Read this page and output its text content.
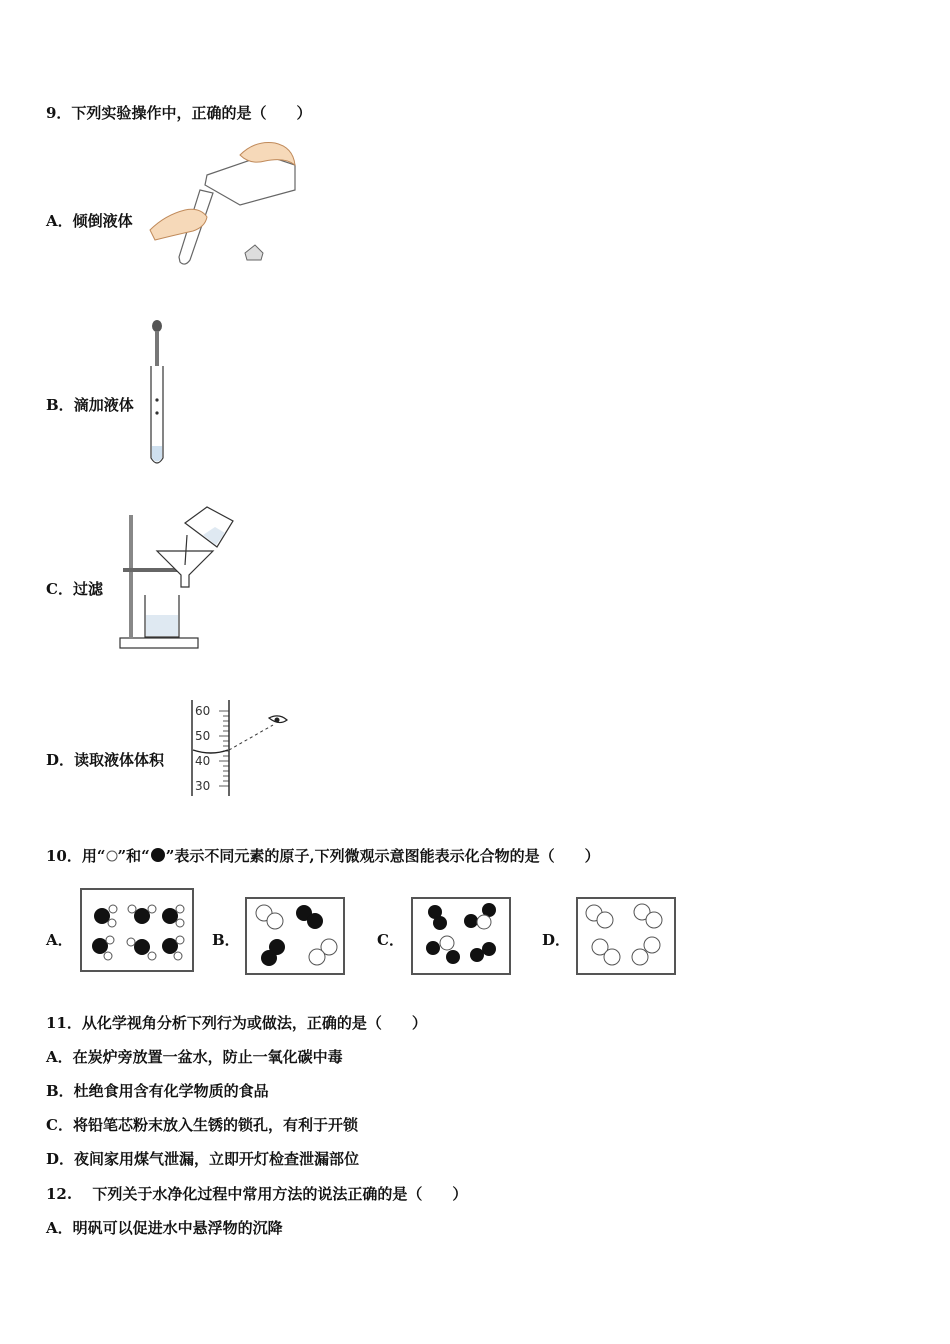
9．下列实验操作中，正确的是（　　）
A．倾倒液体
B．滴加液体
C．过滤
D．读取液体体积
60
50
40
30
10．用“ ”和“ ”表示不同元素的原子,下列微观示意图能表示化合物的是（　　）
A．	B．	C．	D．
11．从化学视角分析下列行为或做法，正确的是（　　）
A．在炭炉旁放置一盆水，防止一氧化碳中毒
B．杜绝食用含有化学物质的食品
C．将铅笔芯粉末放入生锈的锁孔，有利于开锁
D．夜间家用煤气泄漏，立即开灯检查泄漏部位
12.　 下列关于水净化过程中常用方法的说法正确的是（　　）
A．明矾可以促进水中悬浮物的沉降
